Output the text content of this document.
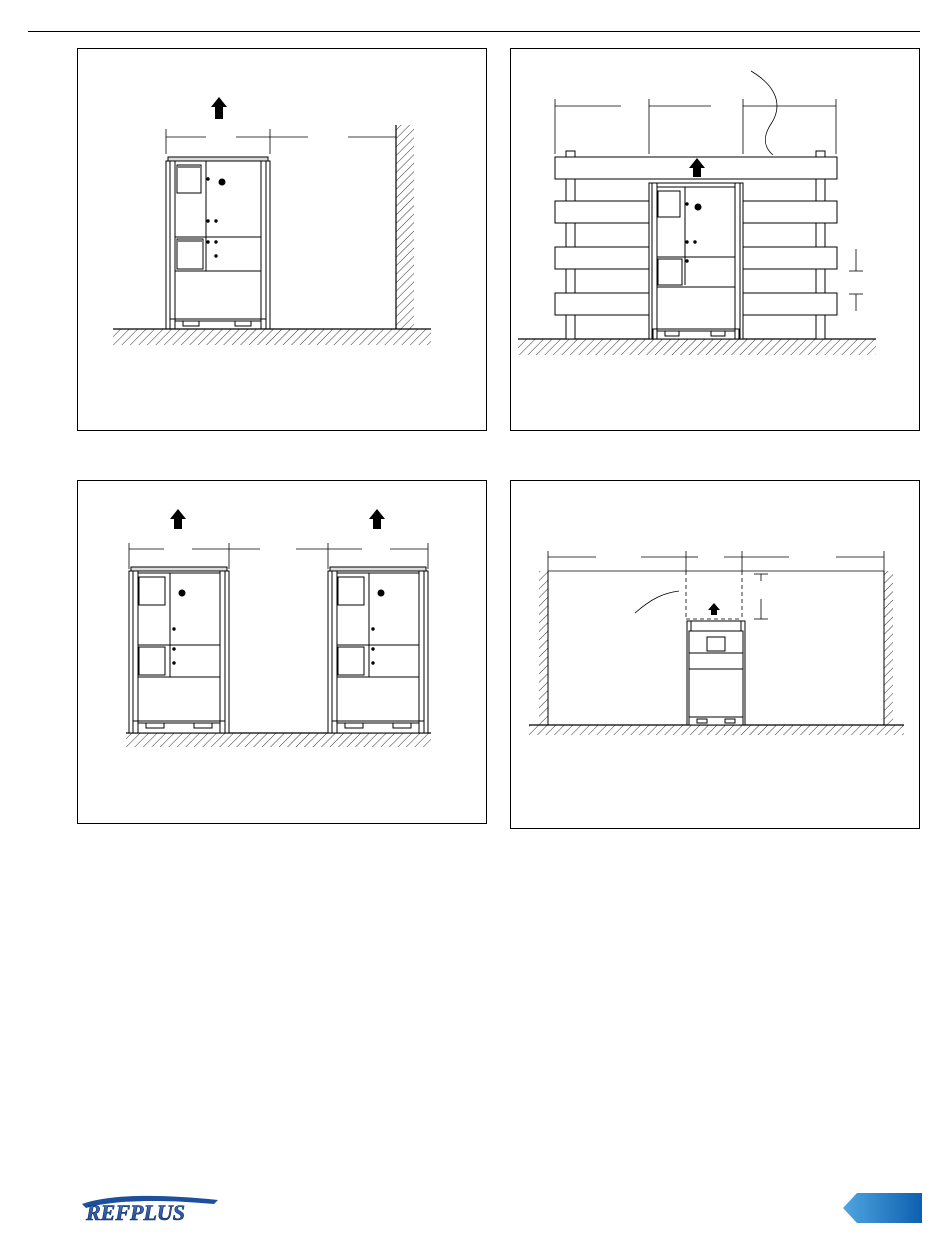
REFPLUS
